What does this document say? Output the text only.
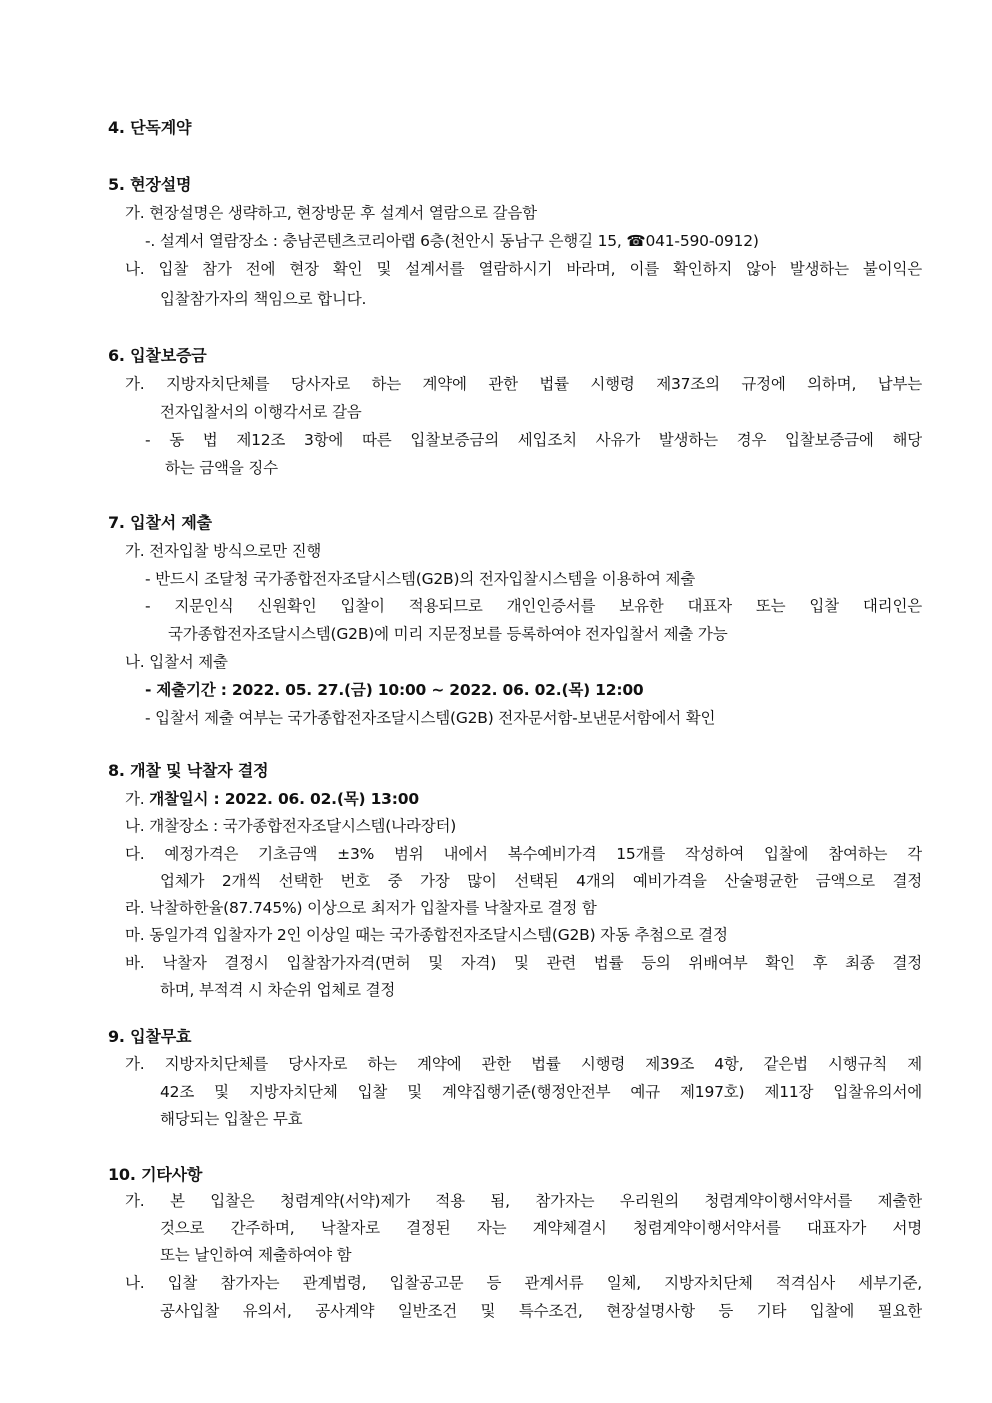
4. 단독계약
5. 현장설명
가. 현장설명은 생략하고, 현장방문 후 설계서 열람으로 갈음함
-. 설계서 열람장소 : 충남콘텐츠코리아랩 6층(천안시 동남구 은행길 15, ☎041-590-0912)
나. 입찰 참가 전에 현장 확인 및 설계서를 열람하시기 바라며, 이를 확인하지 않아 발생하는 불이익은
입찰참가자의 책임으로 합니다.
6. 입찰보증금
가. 지방자치단체를 당사자로 하는 계약에 관한 법률 시행령 제37조의 규정에 의하며, 납부는
전자입찰서의 이행각서로 갈음
- 동 법 제12조 3항에 따른 입찰보증금의 세입조치 사유가 발생하는 경우 입찰보증금에 해당
하는 금액을 징수
7. 입찰서 제출
가. 전자입찰 방식으로만 진행
- 반드시 조달청 국가종합전자조달시스템(G2B)의 전자입찰시스템을 이용하여 제출
- 지문인식 신원확인 입찰이 적용되므로 개인인증서를 보유한 대표자 또는 입찰 대리인은
국가종합전자조달시스템(G2B)에 미리 지문정보를 등록하여야 전자입찰서 제출 가능
나. 입찰서 제출
- 제출기간 : 2022. 05. 27.(금) 10:00 ~ 2022. 06. 02.(목) 12:00
- 입찰서 제출 여부는 국가종합전자조달시스템(G2B) 전자문서함-보낸문서함에서 확인
8. 개찰 및 낙찰자 결정
가. 개찰일시 : 2022. 06. 02.(목) 13:00
나. 개찰장소 : 국가종합전자조달시스템(나라장터)
다. 예정가격은 기초금액 ±3% 범위 내에서 복수예비가격 15개를 작성하여 입찰에 참여하는 각
업체가 2개씩 선택한 번호 중 가장 많이 선택된 4개의 예비가격을 산술평균한 금액으로 결정
라. 낙찰하한율(87.745%) 이상으로 최저가 입찰자를 낙찰자로 결정 함
마. 동일가격 입찰자가 2인 이상일 때는 국가종합전자조달시스템(G2B) 자동 추첨으로 결정
바. 낙찰자 결정시 입찰참가자격(면허 및 자격) 및 관련 법률 등의 위배여부 확인 후 최종 결정
하며, 부적격 시 차순위 업체로 결정
9. 입찰무효
가. 지방자치단체를 당사자로 하는 계약에 관한 법률 시행령 제39조 4항, 같은법 시행규칙 제
42조 및 지방자치단체 입찰 및 계약집행기준(행정안전부 예규 제197호) 제11장 입찰유의서에
해당되는 입찰은 무효
10. 기타사항
가. 본 입찰은 청렴계약(서약)제가 적용 됨, 참가자는 우리원의 청렴계약이행서약서를 제출한
것으로 간주하며, 낙찰자로 결정된 자는 계약체결시 청렴계약이행서약서를 대표자가 서명
또는 날인하여 제출하여야 함
나. 입찰 참가자는 관계법령, 입찰공고문 등 관계서류 일체, 지방자치단체 적격심사 세부기준,
공사입찰 유의서, 공사계약 일반조건 및 특수조건, 현장설명사항 등 기타 입찰에 필요한
